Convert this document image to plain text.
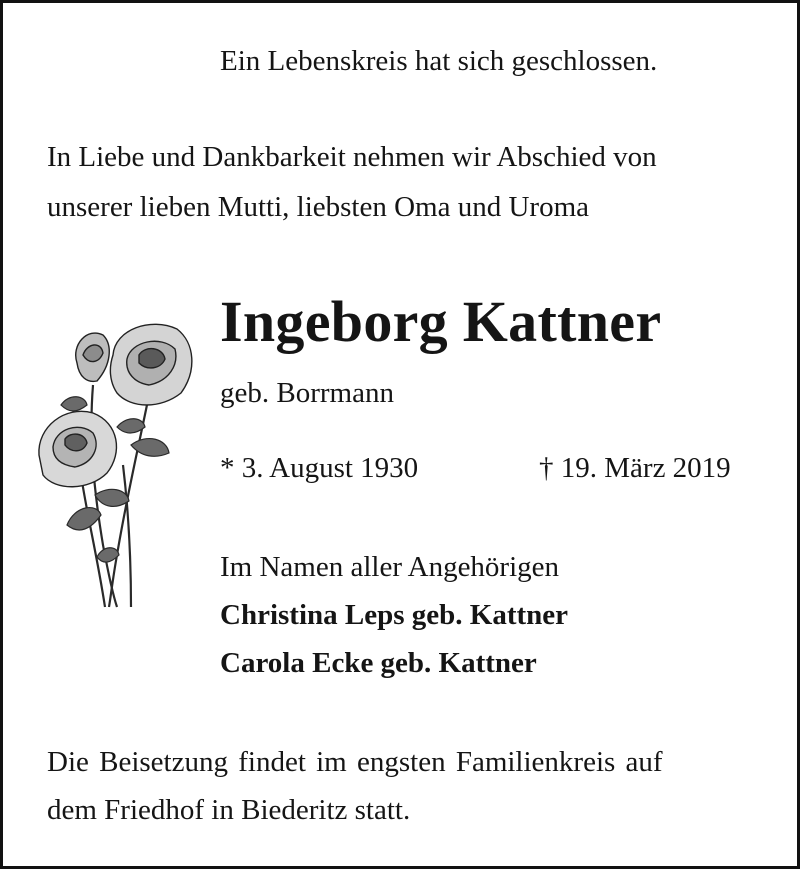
Ein Lebenskreis hat sich geschlossen.
In Liebe und Dankbarkeit nehmen wir Abschied von
unserer lieben Mutti, liebsten Oma und Uroma
Ingeborg Kattner
geb. Borrmann
* 3. August 1930	† 19. März 2019
Im Namen aller Angehörigen
Christina Leps geb. Kattner
Carola Ecke geb. Kattner
Die Beisetzung findet im engsten Familienkreis auf
dem Friedhof in Biederitz statt.
